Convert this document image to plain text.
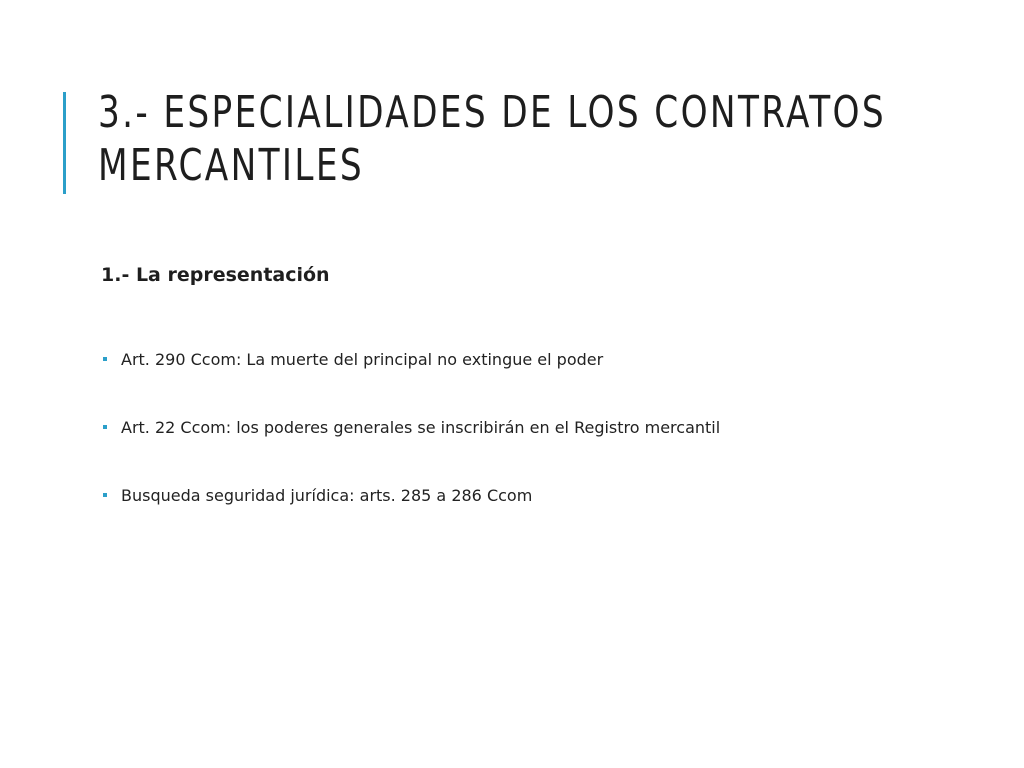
3.- ESPECIALIDADES DE LOS CONTRATOS
MERCANTILES
1.- La representación
Art. 290 Ccom: La muerte del principal no extingue el poder
Art. 22 Ccom: los poderes generales se inscribirán en el Registro mercantil
Busqueda seguridad jurídica: arts. 285 a 286 Ccom
